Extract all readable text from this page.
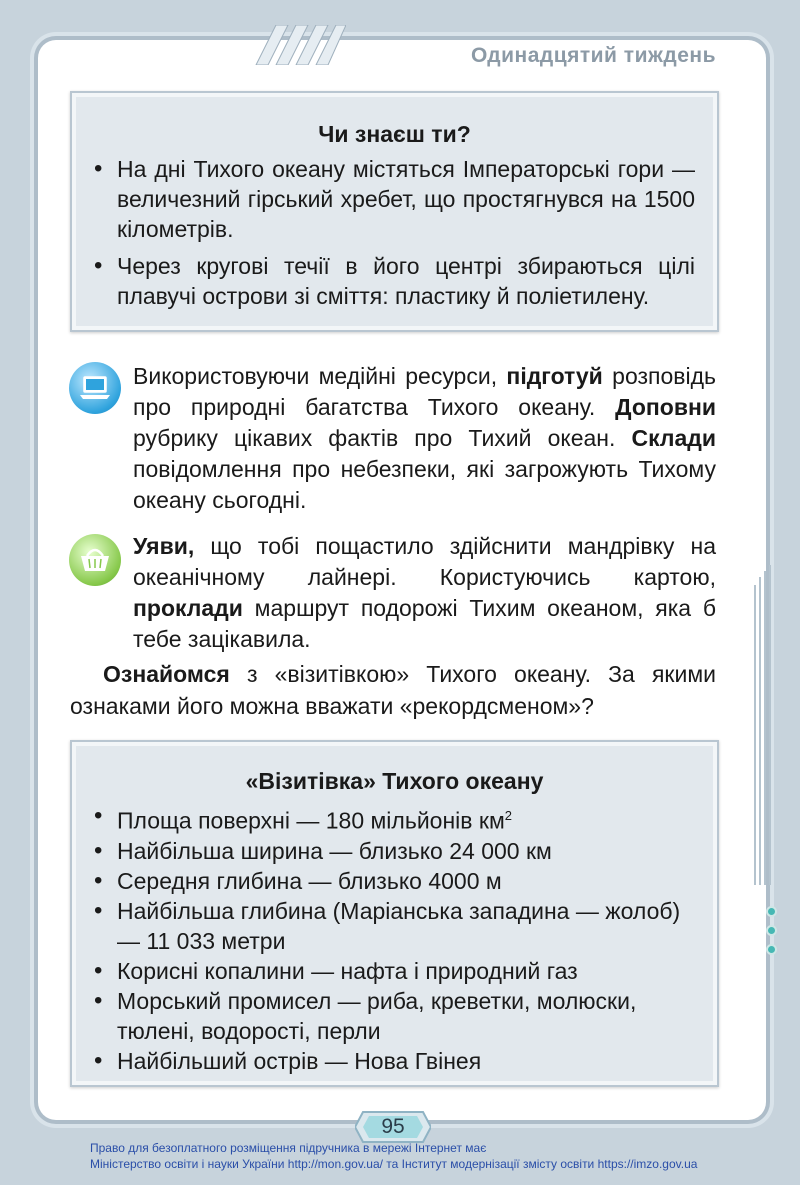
Одинадцятий тиждень
Чи знаєш ти?
• На дні Тихого океану містяться Імператорські гори — величезний гірський хребет, що простягнувся на 1500 кілометрів.
• Через кругові течії в його центрі збираються цілі плавучі острови зі сміття: пластику й поліетилену.
Використовуючи медійні ресурси, підготуй розповідь про природні багатства Тихого океану. Доповни рубрику цікавих фактів про Тихий океан. Склади повідомлення про небезпеки, які загрожують Тихому океану сьогодні.
Уяви, що тобі пощастило здійснити мандрівку на океанічному лайнері. Користуючись картою, проклади маршрут подорожі Тихим океаном, яка б тебе зацікавила.
Ознайомся з «візитівкою» Тихого океану. За якими ознаками його можна вважати «рекордсменом»?
«Візитівка» Тихого океану
• Площа поверхні — 180 мільйонів $км^2$
• Найбільша ширина — близько 24 000 км
• Середня глибина — близько 4000 м
• Найбільша глибина (Маріанська западина — жолоб) — 11 033 метри
• Корисні копалини — нафта і природний газ
• Морський промисел — риба, креветки, молюски, тюлені, водорості, перли
• Найбільший острів — Нова Гвінея
95
Право для безоплатного розміщення підручника в мережі Інтернет має
Міністерство освіти і науки України http://mon.gov.ua/ та Інститут модернізації змісту освіти https://imzo.gov.ua
